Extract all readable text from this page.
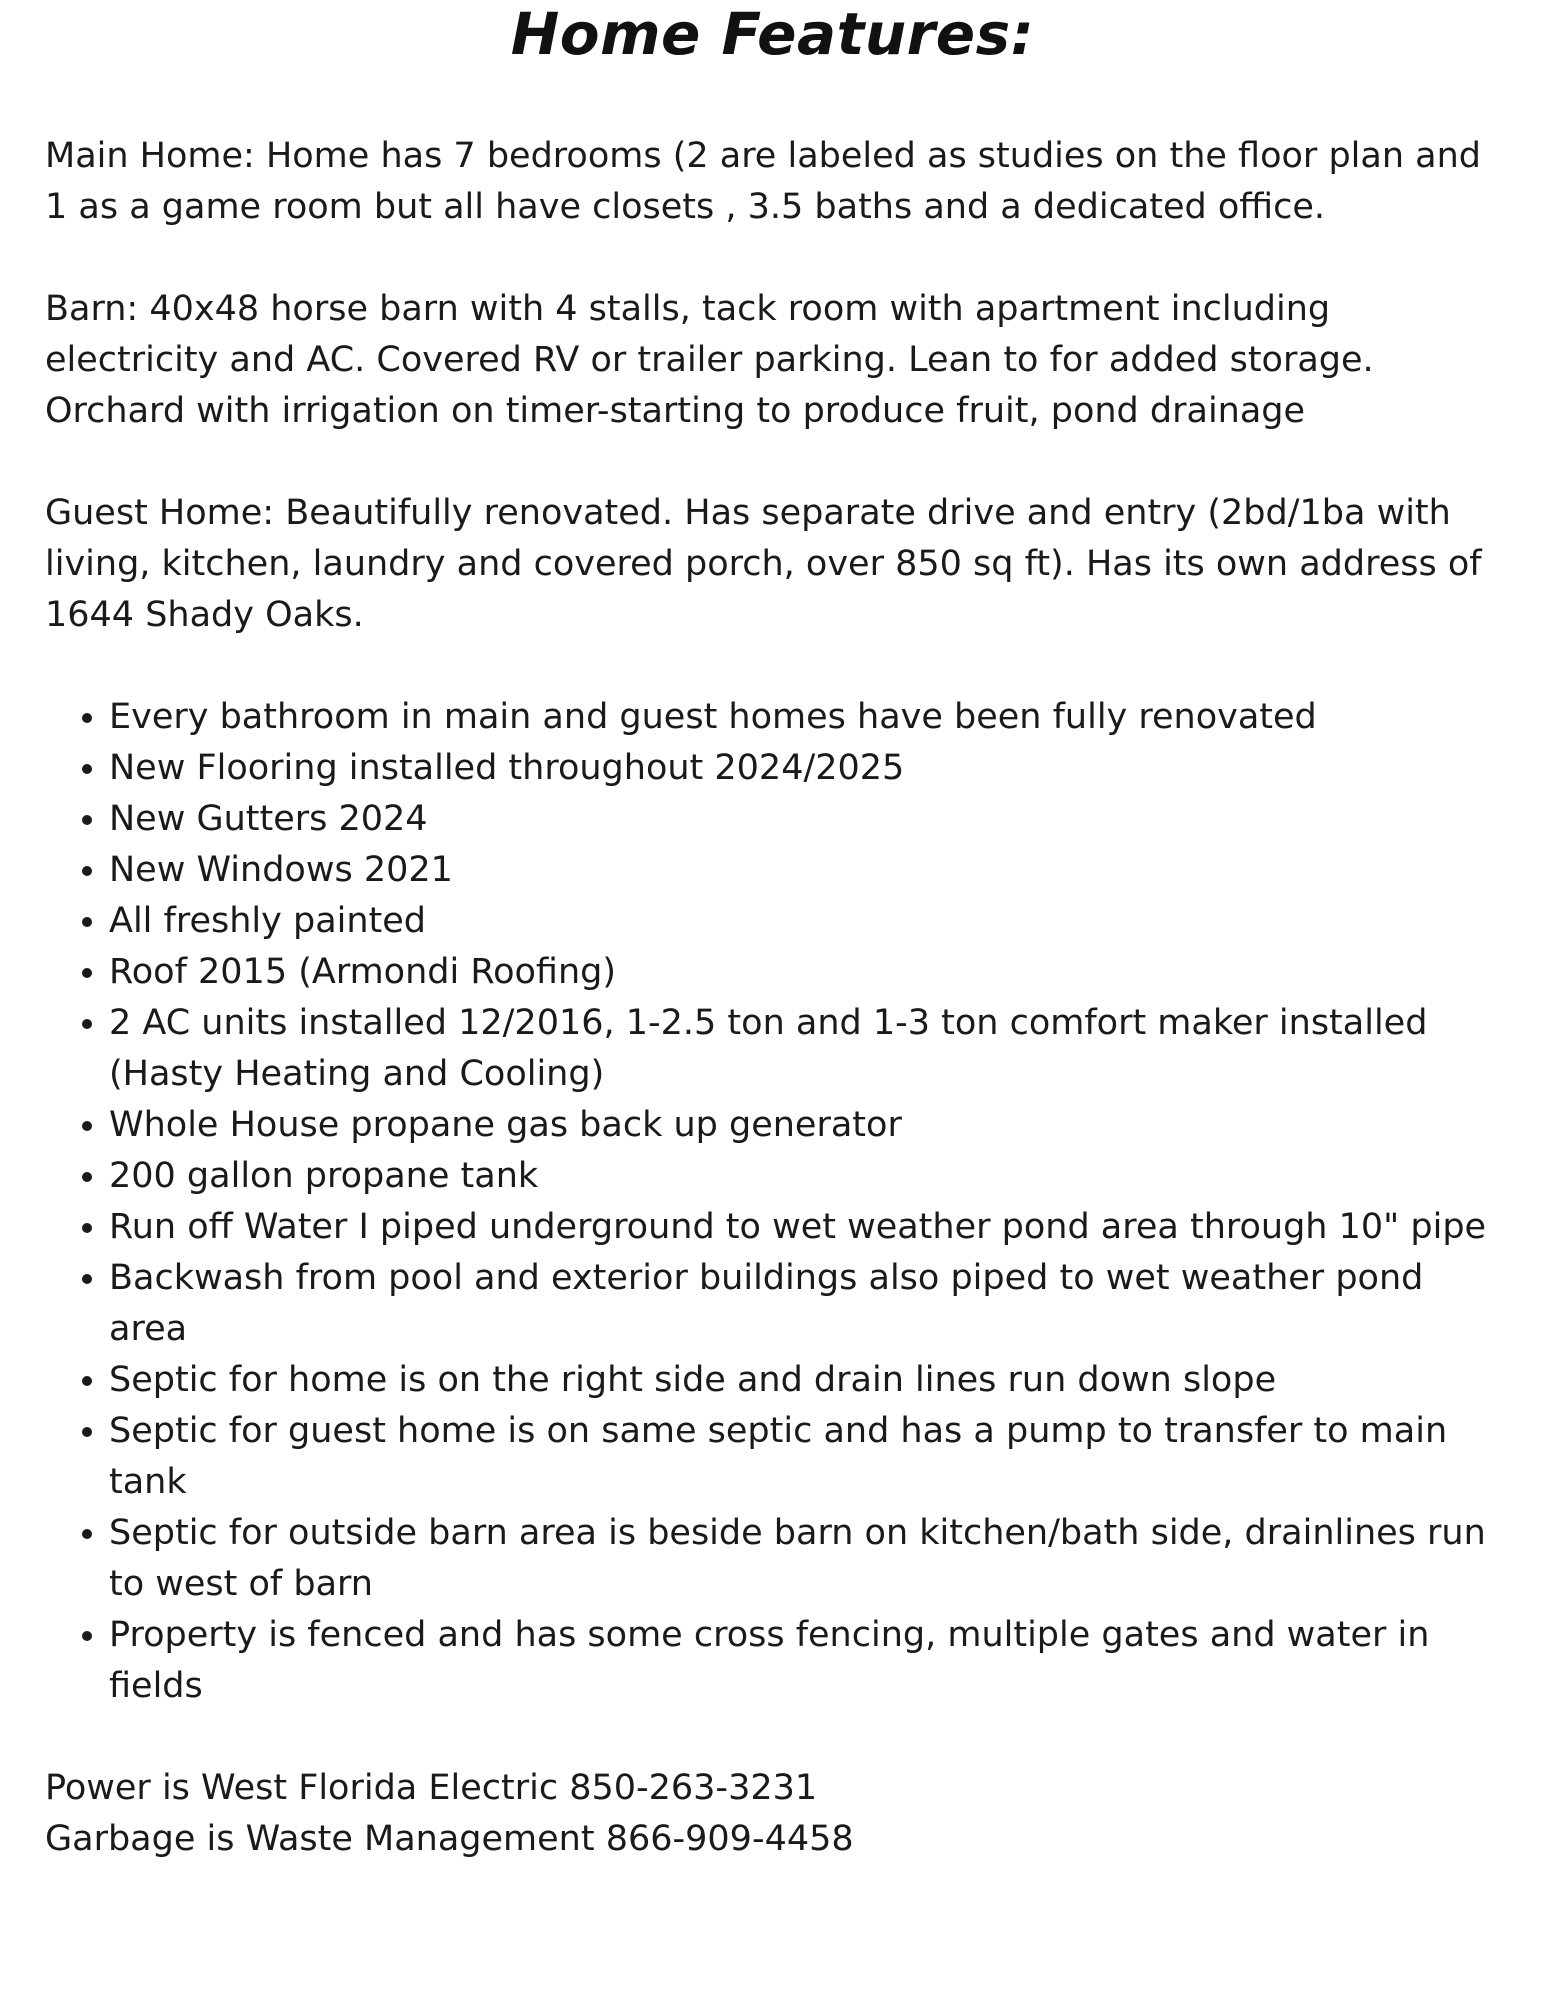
Home Features:

Main Home: Home has 7 bedrooms (2 are labeled as studies on the floor plan and 1 as a game room but all have closets , 3.5 baths and a dedicated office.

Barn: 40x48 horse barn with 4 stalls, tack room with apartment including electricity and AC. Covered RV or trailer parking. Lean to for added storage. Orchard with irrigation on timer-starting to produce fruit, pond drainage

Guest Home: Beautifully renovated. Has separate drive and entry (2bd/1ba with living, kitchen, laundry and covered porch, over 850 sq ft). Has its own address of 1644 Shady Oaks.

• Every bathroom in main and guest homes have been fully renovated
• New Flooring installed throughout 2024/2025
• New Gutters 2024
• New Windows 2021
• All freshly painted
• Roof 2015 (Armondi Roofing)
• 2 AC units installed 12/2016, 1-2.5 ton and 1-3 ton comfort maker installed (Hasty Heating and Cooling)
• Whole House propane gas back up generator
• 200 gallon propane tank
• Run off Water I piped underground to wet weather pond area through 10" pipe
• Backwash from pool and exterior buildings also piped to wet weather pond area
• Septic for home is on the right side and drain lines run down slope
• Septic for guest home is on same septic and has a pump to transfer to main tank
• Septic for outside barn area is beside barn on kitchen/bath side, drainlines run to west of barn
• Property is fenced and has some cross fencing, multiple gates and water in fields
Power is West Florida Electric 850-263-3231
Garbage is Waste Management 866-909-4458
